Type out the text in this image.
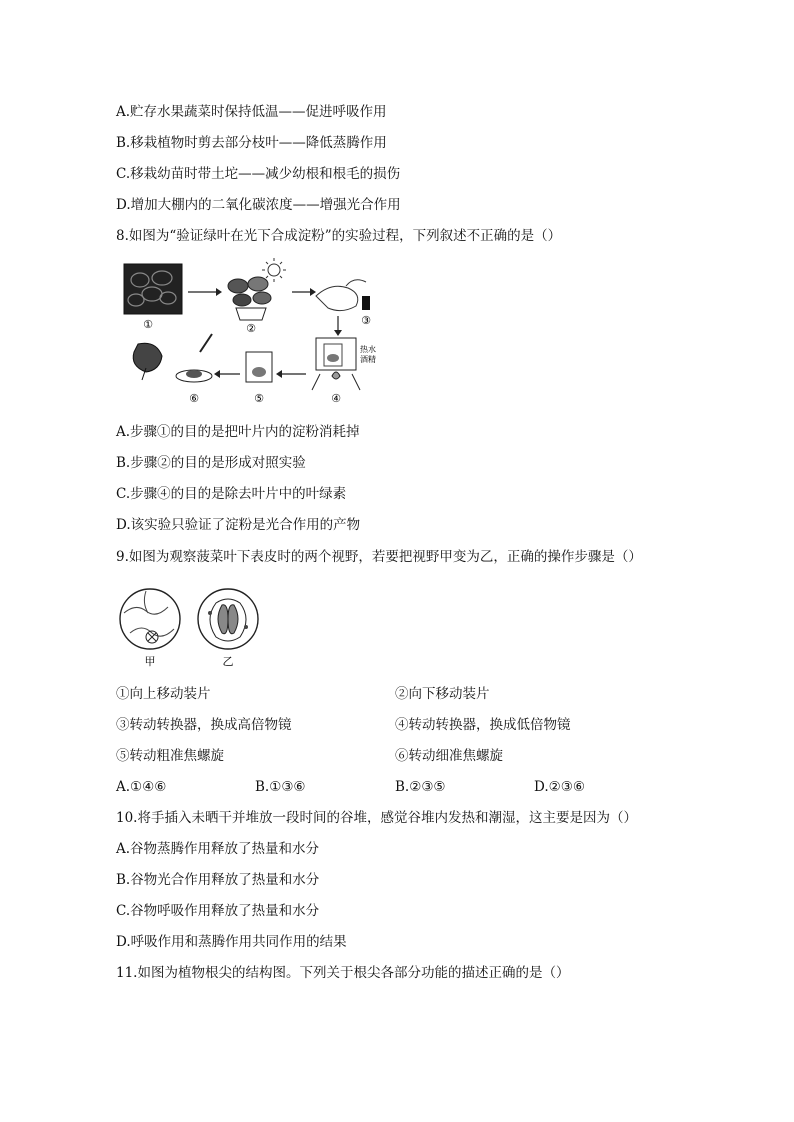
A.贮存水果蔬菜时保持低温——促进呼吸作用
B.移栽植物时剪去部分枝叶——降低蒸腾作用
C.移栽幼苗时带土坨——减少幼根和根毛的损伤
D.增加大棚内的二氧化碳浓度——增强光合作用
8.如图为“验证绿叶在光下合成淀粉”的实验过程，下列叙述不正确的是（）
①	②
③
热水
酒精
④
⑤
⑥
A.步骤①的目的是把叶片内的淀粉消耗掉
B.步骤②的目的是形成对照实验
C.步骤④的目的是除去叶片中的叶绿素
D.该实验只验证了淀粉是光合作用的产物
9.如图为观察菠菜叶下表皮时的两个视野，若要把视野甲变为乙，正确的操作步骤是（）
甲	乙
①向上移动装片	②向下移动装片
③转动转换器，换成高倍物镜	④转动转换器，换成低倍物镜
⑤转动粗准焦螺旋	⑥转动细准焦螺旋
A.①④⑥	B.①③⑥	B.②③⑤	D.②③⑥
10.将手插入未晒干并堆放一段时间的谷堆，感觉谷堆内发热和潮湿，这主要是因为（）
A.谷物蒸腾作用释放了热量和水分
B.谷物光合作用释放了热量和水分
C.谷物呼吸作用释放了热量和水分
D.呼吸作用和蒸腾作用共同作用的结果
11.如图为植物根尖的结构图。下列关于根尖各部分功能的描述正确的是（）
